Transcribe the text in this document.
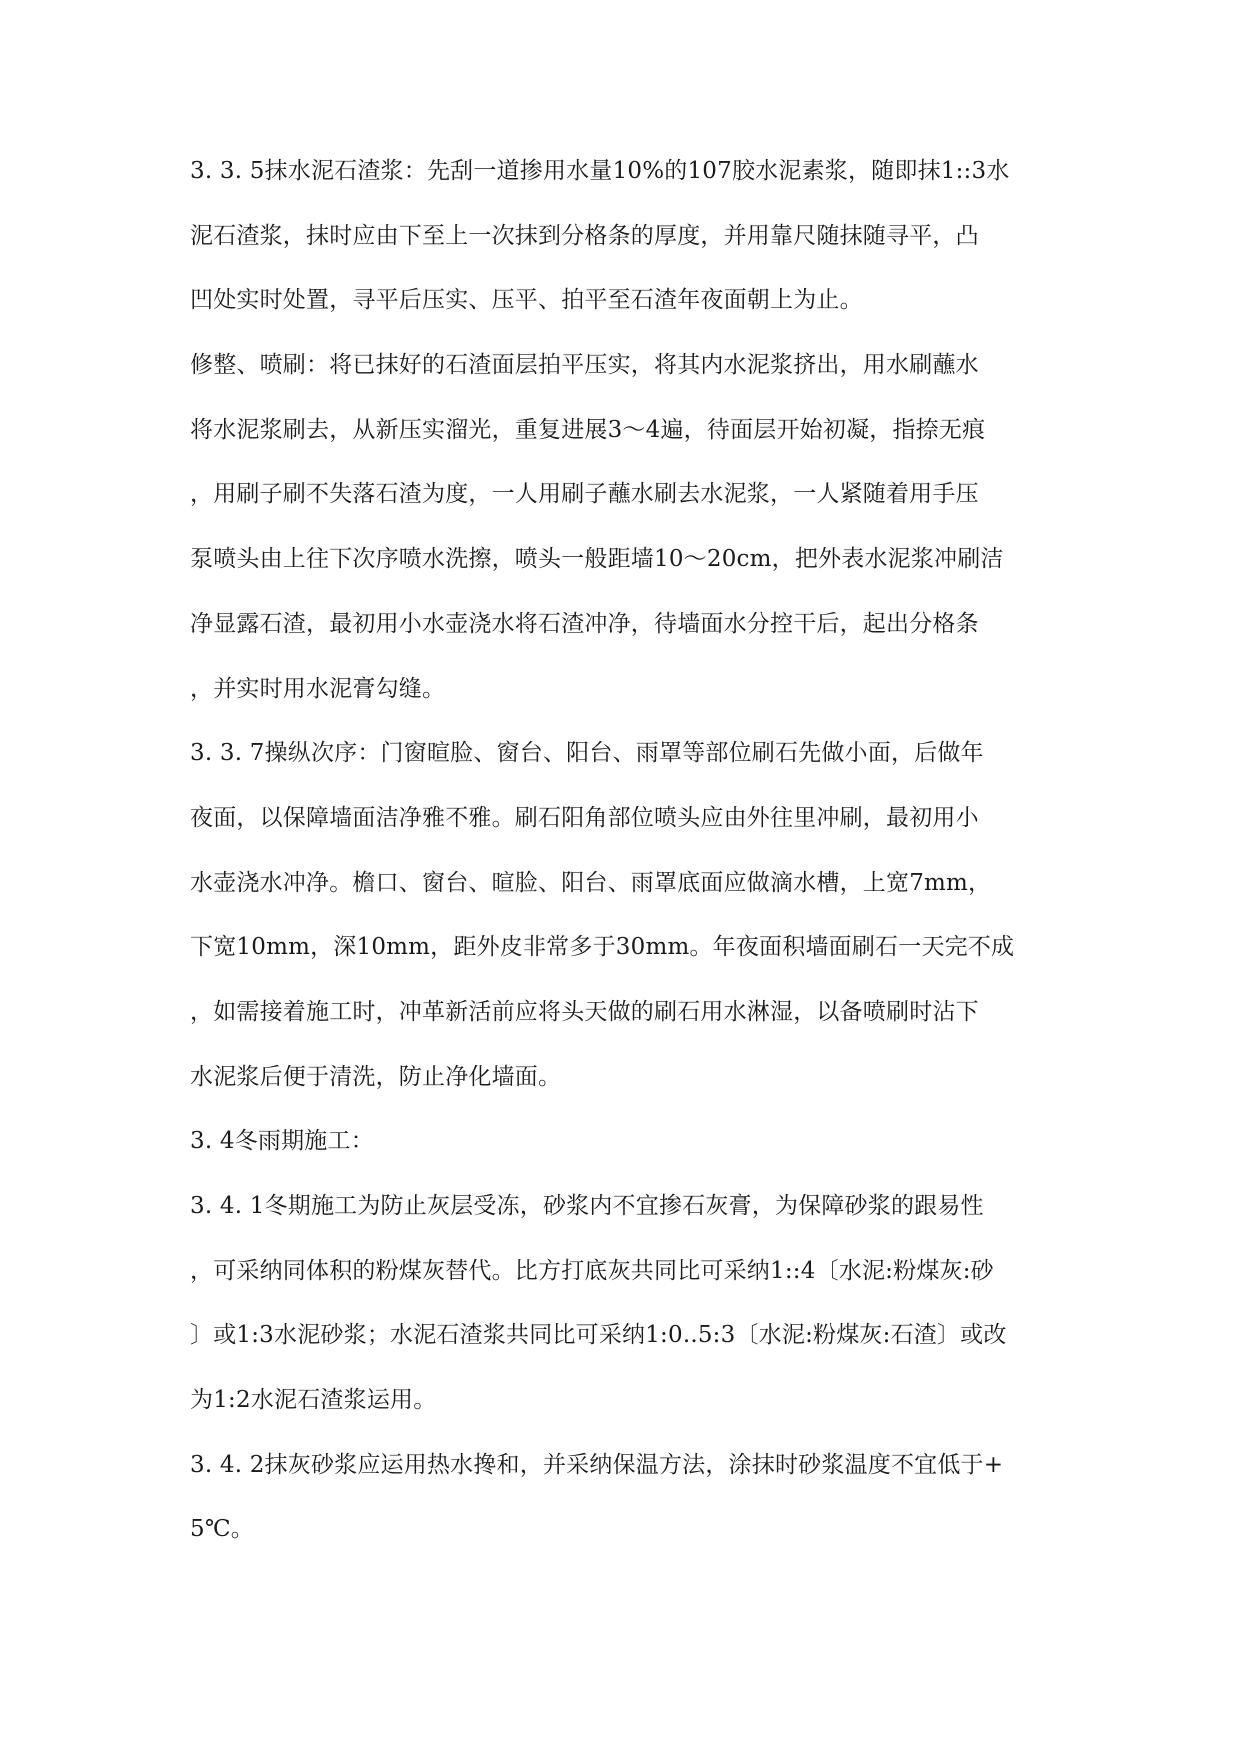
3. 3. 5抹水泥石渣浆：先刮一道掺用水量10%的107胶水泥素浆，随即抹1::3水
泥石渣浆，抹时应由下至上一次抹到分格条的厚度，并用靠尺随抹随寻平，凸
凹处实时处置，寻平后压实、压平、拍平至石渣年夜面朝上为止。
修整、喷刷：将已抹好的石渣面层拍平压实，将其内水泥浆挤出，用水刷蘸水
将水泥浆刷去，从新压实溜光，重复进展3～4遍，待面层开始初凝，指捺无痕
，用刷子刷不失落石渣为度，一人用刷子蘸水刷去水泥浆，一人紧随着用手压
泵喷头由上往下次序喷水洗擦，喷头一般距墙10～20cm，把外表水泥浆冲刷洁
净显露石渣，最初用小水壶浇水将石渣冲净，待墙面水分控干后，起出分格条
，并实时用水泥膏勾缝。
3. 3. 7操纵次序：门窗暄脸、窗台、阳台、雨罩等部位刷石先做小面，后做年
夜面，以保障墙面洁净雅不雅。刷石阳角部位喷头应由外往里冲刷，最初用小
水壶浇水冲净。檐口、窗台、暄脸、阳台、雨罩底面应做滴水槽，上宽7mm，
下宽10mm，深10mm，距外皮非常多于30mm。年夜面积墙面刷石一天完不成
，如需接着施工时，冲革新活前应将头天做的刷石用水淋湿，以备喷刷时沾下
水泥浆后便于清洗，防止净化墙面。
3. 4冬雨期施工：
3. 4. 1冬期施工为防止灰层受冻，砂浆内不宜掺石灰膏，为保障砂浆的跟易性
，可采纳同体积的粉煤灰替代。比方打底灰共同比可采纳1::4〔水泥:粉煤灰:砂
〕或1:3水泥砂浆；水泥石渣浆共同比可采纳1:0..5:3〔水泥:粉煤灰:石渣〕或改
为1:2水泥石渣浆运用。
3. 4. 2抹灰砂浆应运用热水搀和，并采纳保温方法，涂抹时砂浆温度不宜低于+
5℃。
